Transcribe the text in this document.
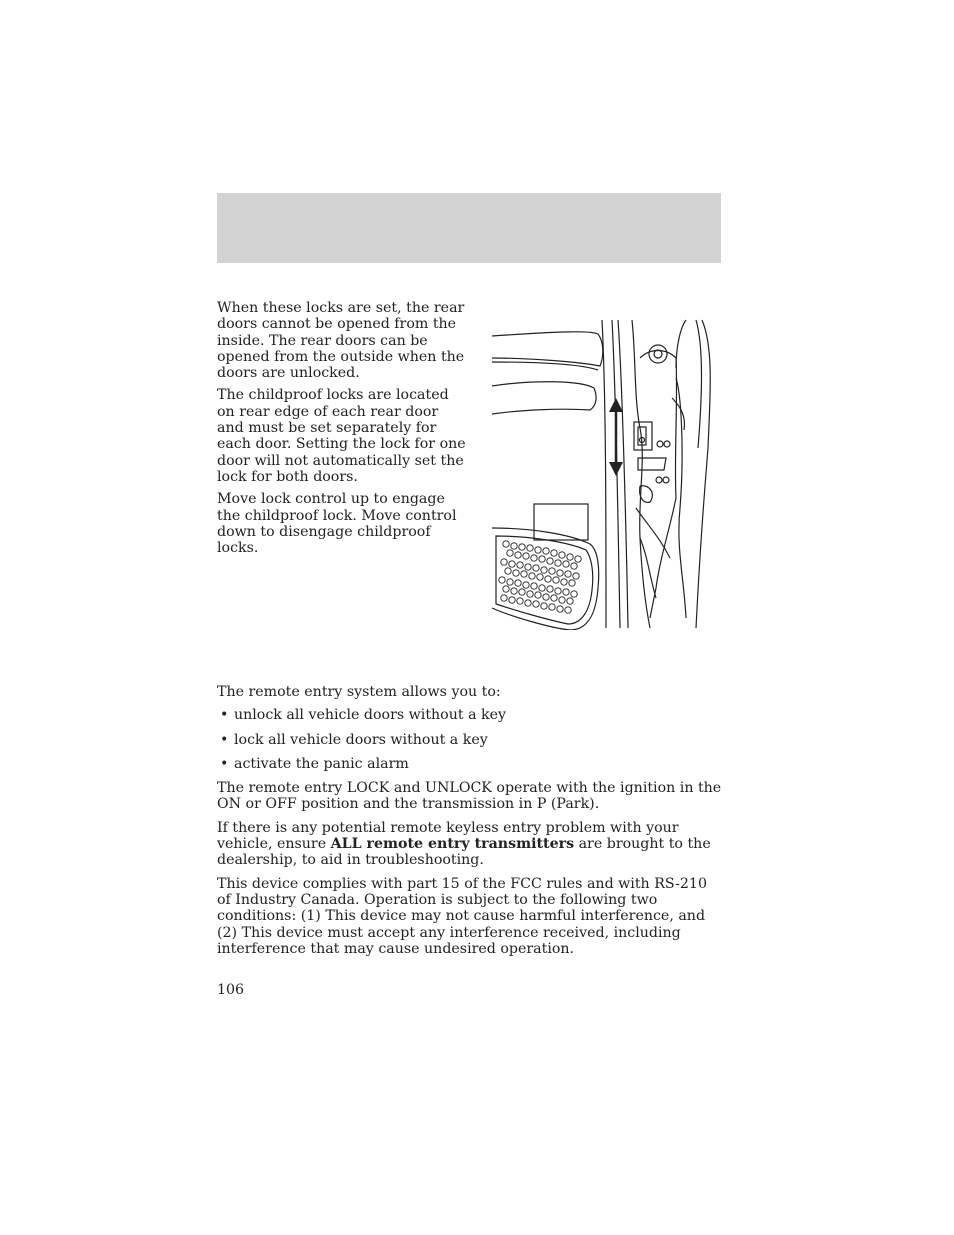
When these locks are set, the rear doors cannot be opened from the inside. The rear doors can be opened from the outside when the doors are unlocked.

The childproof locks are located on rear edge of each rear door and must be set separately for each door. Setting the lock for one door will not automatically set the lock for both doors.

Move lock control up to engage the childproof lock. Move control down to disengage childproof locks.

The remote entry system allows you to:

• unlock all vehicle doors without a key
• lock all vehicle doors without a key
• activate the panic alarm

The remote entry LOCK and UNLOCK operate with the ignition in the ON or OFF position and the transmission in P (Park).

If there is any potential remote keyless entry problem with your vehicle, ensure ALL remote entry transmitters are brought to the dealership, to aid in troubleshooting.

This device complies with part 15 of the FCC rules and with RS-210 of Industry Canada. Operation is subject to the following two conditions: (1) This device may not cause harmful interference, and (2) This device must accept any interference received, including interference that may cause undesired operation.

106
